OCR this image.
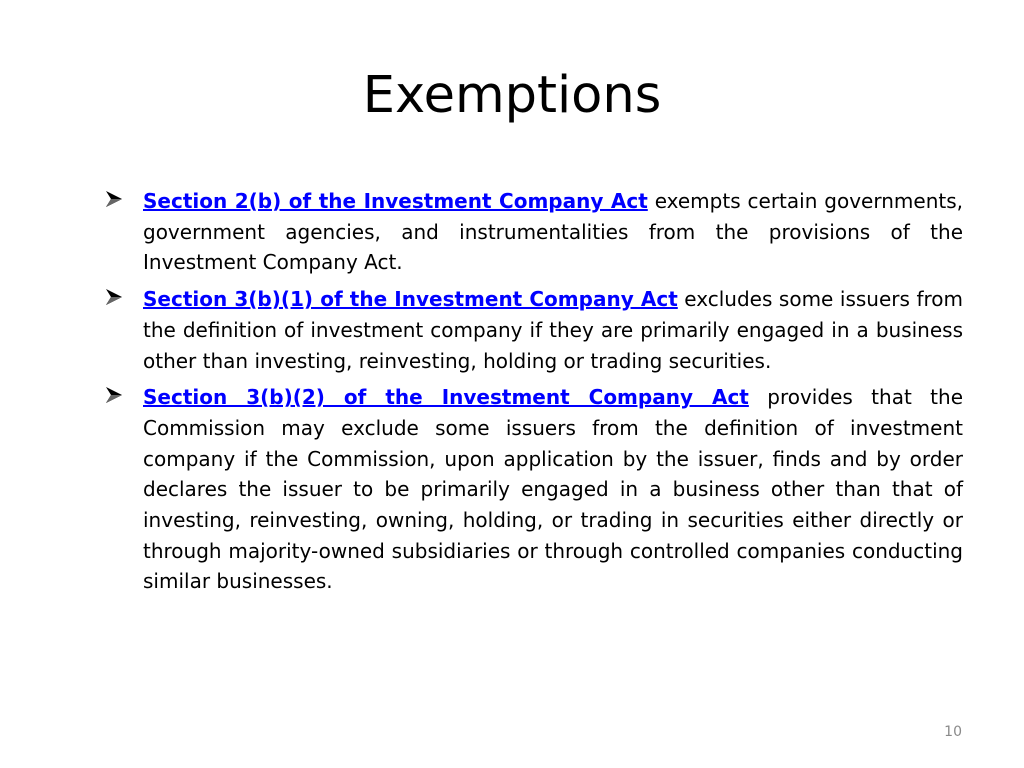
Exemptions
Section 2(b) of the Investment Company Act exempts certain governments, government agencies, and instrumentalities from the provisions of the Investment Company Act.
Section 3(b)(1) of the Investment Company Act excludes some issuers from the definition of investment company if they are primarily engaged in a business other than investing, reinvesting, holding or trading securities.
Section 3(b)(2) of the Investment Company Act provides that the Commission may exclude some issuers from the definition of investment company if the Commission, upon application by the issuer, finds and by order declares the issuer to be primarily engaged in a business other than that of investing, reinvesting, owning, holding, or trading in securities either directly or through majority-owned subsidiaries or through controlled companies conducting similar businesses.
10
